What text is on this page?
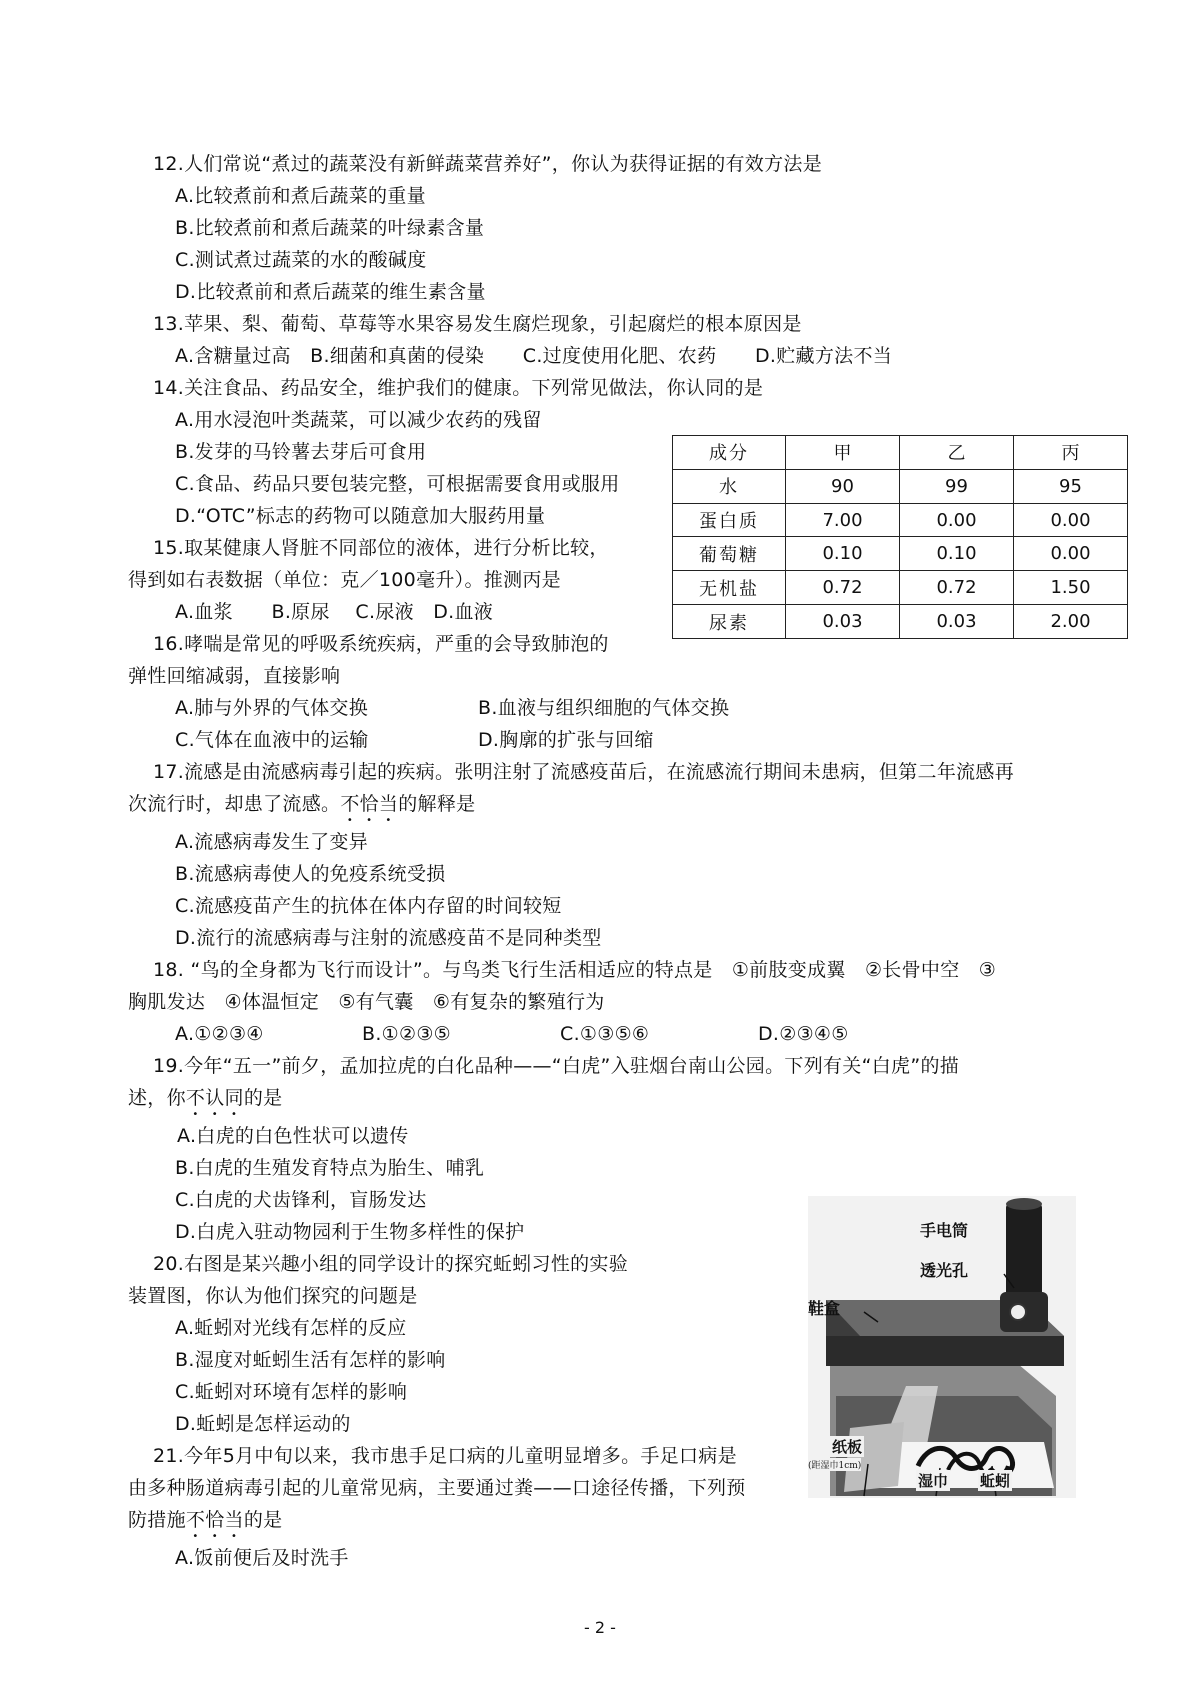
12.人们常说“煮过的蔬菜没有新鲜蔬菜营养好”，你认为获得证据的有效方法是
A.比较煮前和煮后蔬菜的重量
B.比较煮前和煮后蔬菜的叶绿素含量
C.测试煮过蔬菜的水的酸碱度
D.比较煮前和煮后蔬菜的维生素含量
13.苹果、梨、葡萄、草莓等水果容易发生腐烂现象，引起腐烂的根本原因是
A.含糖量过高　B.细菌和真菌的侵染　　C.过度使用化肥、农药　　D.贮藏方法不当
14.关注食品、药品安全，维护我们的健康。下列常见做法，你认同的是
A.用水浸泡叶类蔬菜，可以减少农药的残留
B.发芽的马铃薯去芽后可食用
C.食品、药品只要包装完整，可根据需要食用或服用
D.“OTC”标志的药物可以随意加大服药用量
15.取某健康人肾脏不同部位的液体，进行分析比较，
得到如右表数据（单位：克／100毫升）。推测丙是
A.血浆　　B.原尿　 C.尿液　D.血液
成分	甲	乙	丙
水	90	99	95
蛋白质	7.00	0.00	0.00
葡萄糖	0.10	0.10	0.00
无机盐	0.72	0.72	1.50
尿素	0.03	0.03	2.00
16.哮喘是常见的呼吸系统疾病，严重的会导致肺泡的
弹性回缩减弱，直接影响
A.肺与外界的气体交换	B.血液与组织细胞的气体交换
C.气体在血液中的运输	D.胸廓的扩张与回缩
17.流感是由流感病毒引起的疾病。张明注射了流感疫苗后，在流感流行期间未患病，但第二年流感再
次流行时，却患了流感。不恰当的解释是
A.流感病毒发生了变异
B.流感病毒使人的免疫系统受损
C.流感疫苗产生的抗体在体内存留的时间较短
D.流行的流感病毒与注射的流感疫苗不是同种类型
18. “鸟的全身都为飞行而设计”。与鸟类飞行生活相适应的特点是　①前肢变成翼　②长骨中空　③
胸肌发达　④体温恒定　⑤有气囊　⑥有复杂的繁殖行为
A.①②③④	B.①②③⑤	C.①③⑤⑥	D.②③④⑤
19.今年“五一”前夕，孟加拉虎的白化品种——“白虎”入驻烟台南山公园。下列有关“白虎”的描
述，你不认同的是
A.白虎的白色性状可以遗传
B.白虎的生殖发育特点为胎生、哺乳
C.白虎的犬齿锋利，盲肠发达
D.白虎入驻动物园利于生物多样性的保护
20.右图是某兴趣小组的同学设计的探究蚯蚓习性的实验
装置图，你认为他们探究的问题是
A.蚯蚓对光线有怎样的反应
B.湿度对蚯蚓生活有怎样的影响
C.蚯蚓对环境有怎样的影响
D.蚯蚓是怎样运动的
21.今年5月中旬以来，我市患手足口病的儿童明显增多。手足口病是
由多种肠道病毒引起的儿童常见病，主要通过粪——口途径传播，下列预
防措施不恰当的是
A.饭前便后及时洗手
手电筒
透光孔
鞋盒
纸板
(距湿巾1cm)
湿巾 蚯蚓
- 2 -
